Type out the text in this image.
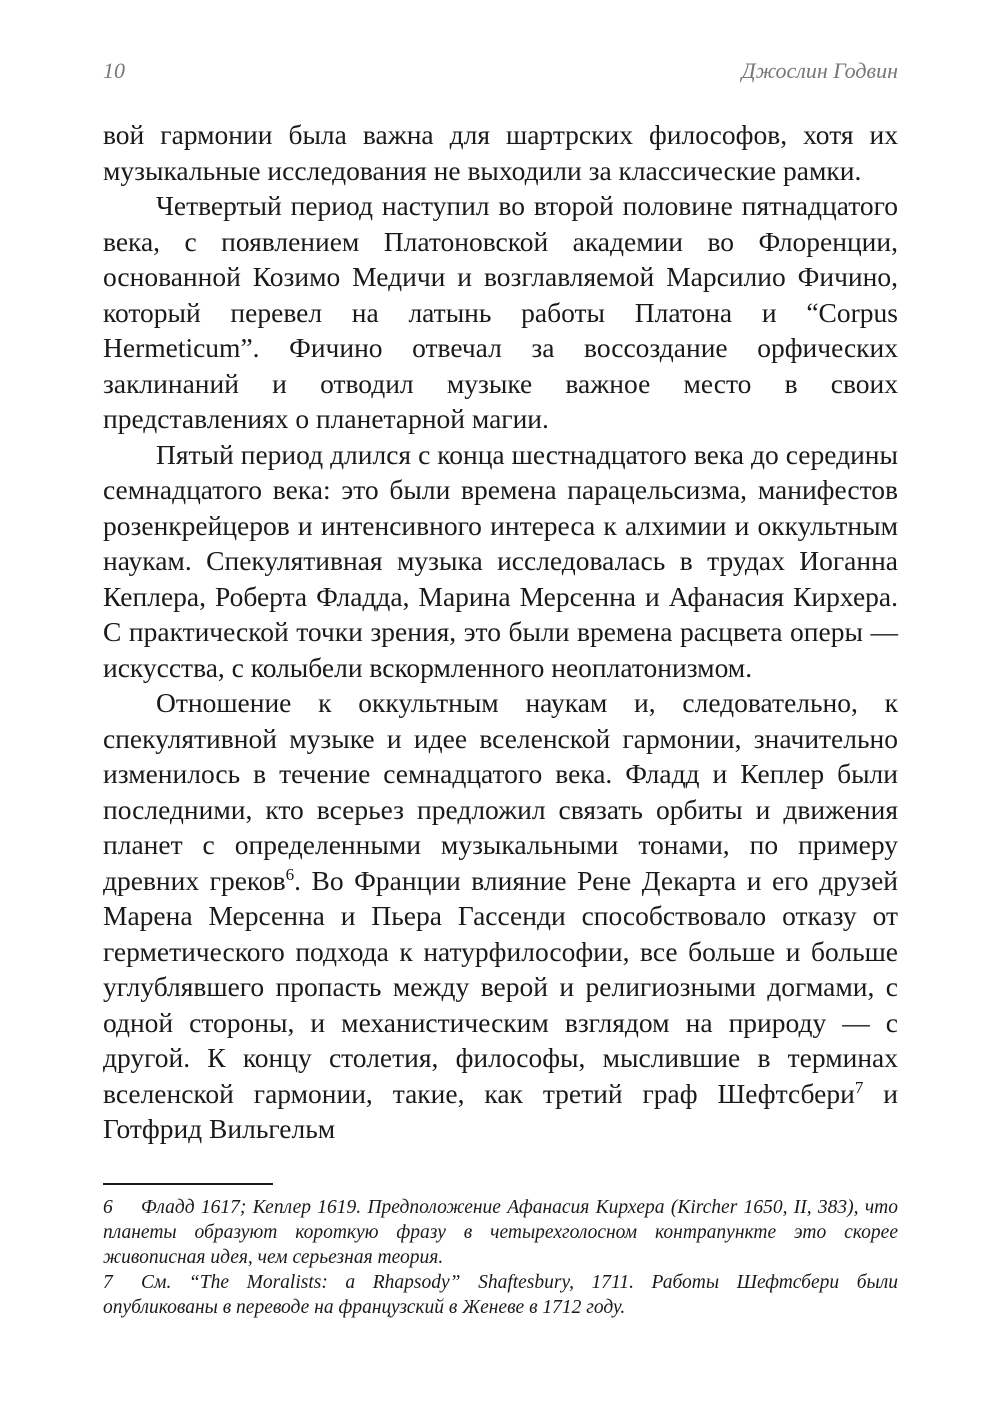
10	Джослин Годвин

вой гармонии была важна для шартрских философов, хотя их музыкальные исследования не выходили за классические рамки.

Четвертый период наступил во второй половине пятнадцатого века, с появлением Платоновской академии во Флоренции, основанной Козимо Медичи и возглавляемой Марсилио Фичино, который перевел на латынь работы Платона и “Corpus Hermeticum”. Фичино отвечал за воссоздание орфических заклинаний и отводил музыке важное место в своих представлениях о планетарной магии.

Пятый период длился с конца шестнадцатого века до середины семнадцатого века: это были времена парацельсизма, манифестов розенкрейцеров и интенсивного интереса к алхимии и оккультным наукам. Спекулятивная музыка исследовалась в трудах Иоганна Кеплера, Роберта Фладда, Марина Мерсенна и Афанасия Кирхера. С практической точки зрения, это были времена расцвета оперы — искусства, с колыбели вскормленного неоплатонизмом.

Отношение к оккультным наукам и, следовательно, к спекулятивной музыке и идее вселенской гармонии, значительно изменилось в течение семнадцатого века. Фладд и Кеплер были последними, кто всерьез предложил связать орбиты и движения планет с определенными музыкальными тонами, по примеру древних греков$^6$. Во Франции влияние Рене Декарта и его друзей Марена Мерсенна и Пьера Гассенди способствовало отказу от герметического подхода к натурфилософии, все больше и больше углублявшего пропасть между верой и религиозными догмами, с одной стороны, и механистическим взглядом на природу — с другой. К концу столетия, философы, мыслившие в терминах вселенской гармонии, такие, как третий граф Шефтсбери$^7$ и Готфрид Вильгельм

6 Фладд 1617; Кеплер 1619. Предположение Афанасия Кирхера (Kircher 1650, II, 383), что планеты образуют короткую фразу в четырехголосном контрапункте это скорее живописная идея, чем серьезная теория.

7 См. “The Moralists: a Rhapsody” Shaftesbury, 1711. Работы Шефтсбери были опубликованы в переводе на французский в Женеве в 1712 году.
